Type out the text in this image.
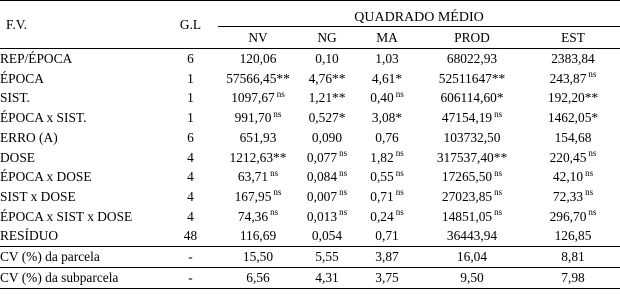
F.V.	G.L	QUADRADO MÉDIO				
		NV	NG	MA	PROD	EST
REP/ÉPOCA	6	120,06	0,10	1,03	68022,93	2383,84
ÉPOCA	1	57566,45**	4,76**	4,61*	52511647**	243,87 $^{ns}$
SIST.	1	1097,67 $^{ns}$	1,21**	0,40 $^{ns}$	606114,60*	192,20**
ÉPOCA x SIST.	1	991,70 $^{ns}$	0,527*	3,08*	47154,19 $^{ns}$	1462,05*
ERRO (A)	6	651,93	0,090	0,76	103732,50	154,68
DOSE	4	1212,63**	0,077 $^{ns}$	1,82 $^{ns}$	317537,40**	220,45 $^{ns}$
ÉPOCA x DOSE	4	63,71 $^{ns}$	0,084 $^{ns}$	0,55 $^{ns}$	17265,50 $^{ns}$	42,10 $^{ns}$
SIST x DOSE	4	167,95 $^{ns}$	0,007 $^{ns}$	0,71 $^{ns}$	27023,85 $^{ns}$	72,33 $^{ns}$
ÉPOCA x SIST x DOSE	4	74,36 $^{ns}$	0,013 $^{ns}$	0,24 $^{ns}$	14851,05 $^{ns}$	296,70 $^{ns}$
RESÍDUO	48	116,69	0,054	0,71	36443,94	126,85
CV (%) da parcela	-	15,50	5,55	3,87	16,04	8,81
CV (%) da subparcela	-	6,56	4,31	3,75	9,50	7,98
